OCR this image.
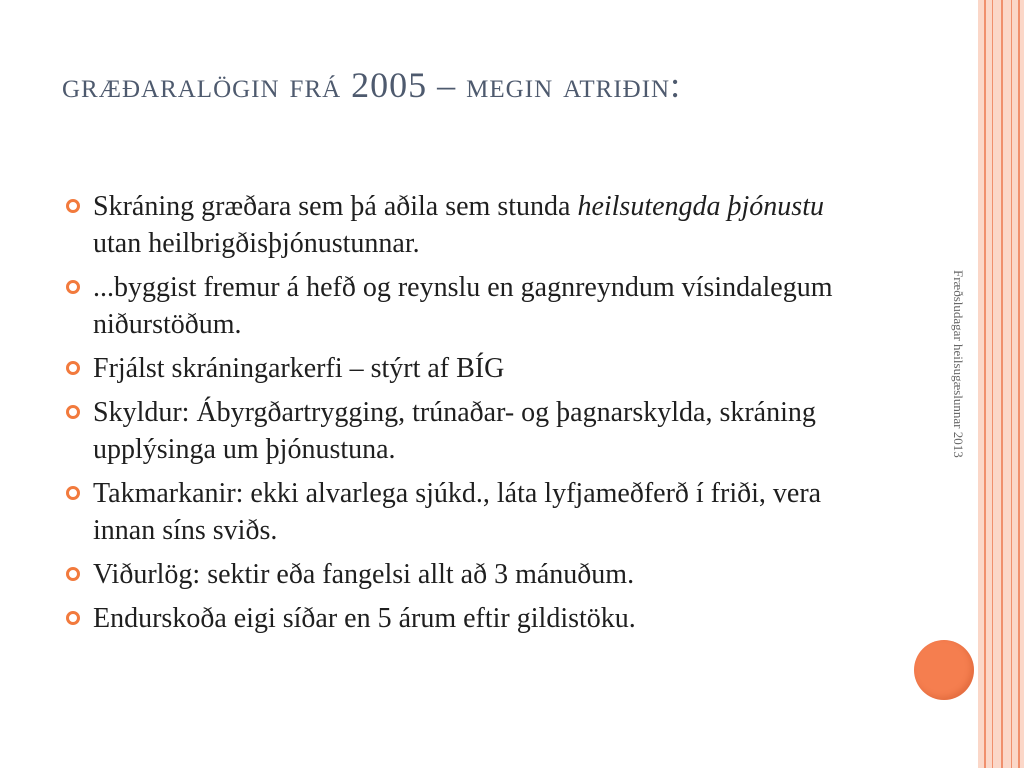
græðaralögin frá 2005 – megin atriðin:
Skráning græðara sem þá aðila sem stunda heilsutengda þjónustu utan heilbrigðisþjónustunnar.
...byggist fremur á hefð og reynslu en gagnreyndum vísindalegum niðurstöðum.
Frjálst skráningarkerfi – stýrt af BÍG
Skyldur: Ábyrgðartrygging, trúnaðar- og þagnarskylda, skráning upplýsinga um þjónustuna.
Takmarkanir: ekki alvarlega sjúkd., láta lyfjameðferð í friði, vera innan síns sviðs.
Viðurlög: sektir eða fangelsi allt að 3 mánuðum.
Endurskoða eigi síðar en 5 árum eftir gildistöku.
Fræðsludagar heilsugæslunnar 2013
